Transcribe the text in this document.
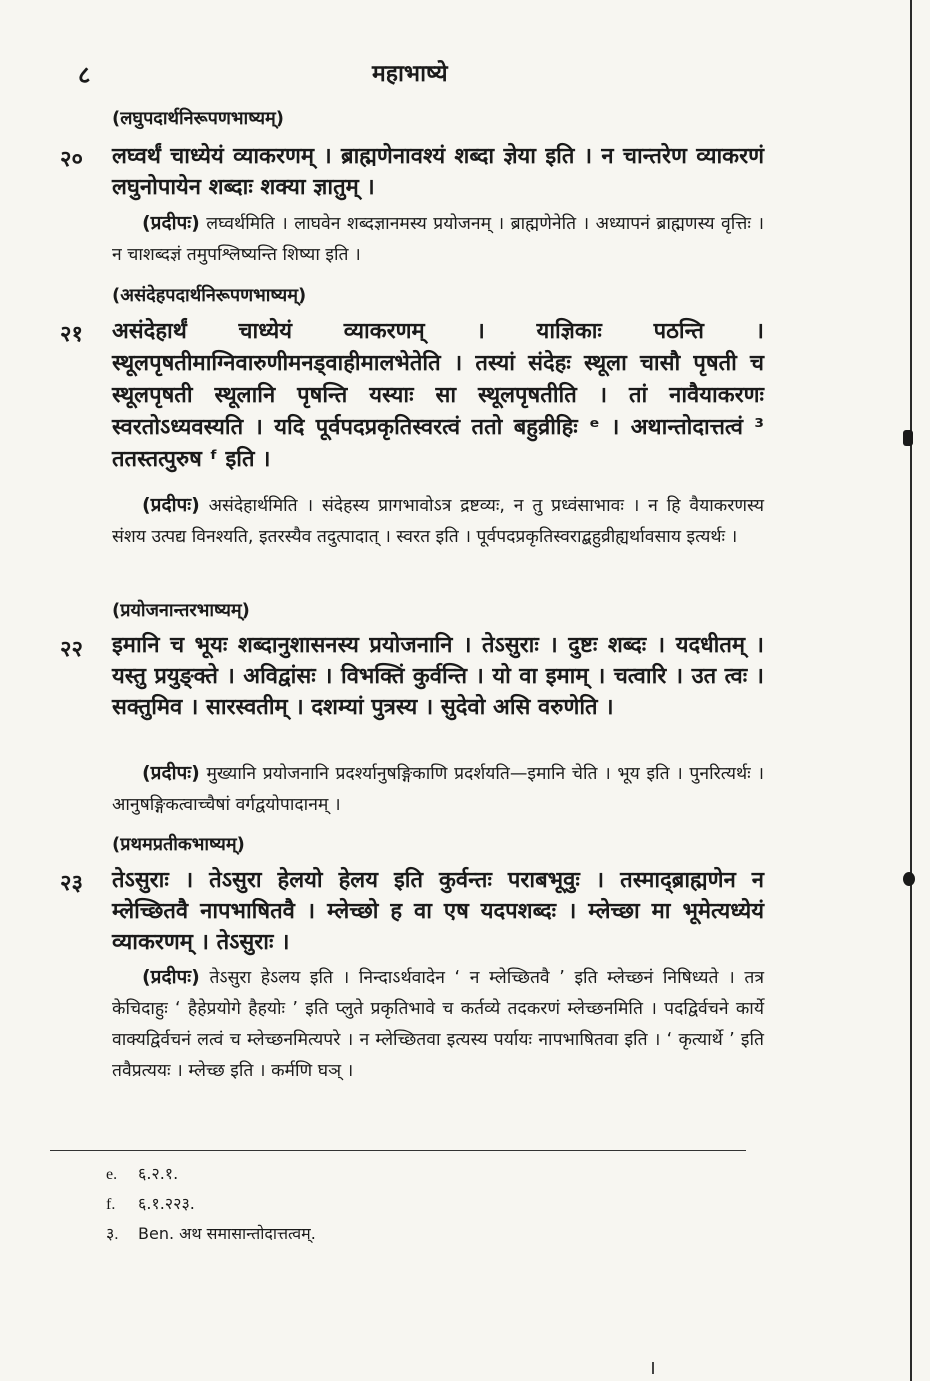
८	महाभाष्ये
(लघुपदार्थनिरूपणभाष्यम्)
२० लघ्वर्थं चाध्येयं व्याकरणम् । ब्राह्मणेनावश्यं शब्दा ज्ञेया इति । न चान्तरेण व्याकरणं लघुनोपायेन शब्दाः शक्या ज्ञातुम् ।
(प्रदीपः) लघ्वर्थमिति । लाघवेन शब्दज्ञानमस्य प्रयोजनम् । ब्राह्मणेनेति । अध्यापनं ब्राह्मणस्य वृत्तिः । न चाशब्दज्ञं तमुपश्लिष्यन्ति शिष्या इति ।
(असंदेहपदार्थनिरूपणभाष्यम्)
२१ असंदेहार्थं चाध्येयं व्याकरणम् । याज्ञिकाः पठन्ति । स्थूलपृषतीमाग्निवारुणीमनड्वाहीमालभेतेति । तस्यां संदेहः स्थूला चासौ पृषती च स्थूलपृषती स्थूलानि पृषन्ति यस्याः सा स्थूलपृषतीति । तां नावैयाकरणः स्वरतोऽध्यवस्यति । यदि पूर्वपदप्रकृतिस्वरत्वं ततो बहुव्रीहिः ᵉ । अथान्तोदात्तत्वं ³ ततस्तत्पुरुष ᶠ इति ।
(प्रदीपः) असंदेहार्थमिति । संदेहस्य प्रागभावोऽत्र द्रष्टव्यः, न तु प्रध्वंसाभावः । न हि वैयाकरणस्य संशय उत्पद्य विनश्यति, इतरस्यैव तदुत्पादात् । स्वरत इति । पूर्वपदप्रकृतिस्वराद्बहुव्रीह्यर्थावसाय इत्यर्थः ।
(प्रयोजनान्तरभाष्यम्)
२२ इमानि च भूयः शब्दानुशासनस्य प्रयोजनानि । तेऽसुराः । दुष्टः शब्दः । यदधीतम् । यस्तु प्रयुङ्क्ते । अविद्वांसः । विभक्तिं कुर्वन्ति । यो वा इमाम् । चत्वारि । उत त्वः । सक्तुमिव । सारस्वतीम् । दशम्यां पुत्रस्य । सुदेवो असि वरुणेति ।
(प्रदीपः) मुख्यानि प्रयोजनानि प्रदर्श्यानुषङ्गिकाणि प्रदर्शयति—इमानि चेति । भूय इति । पुनरित्यर्थः । आनुषङ्गिकत्वाच्चैषां वर्गद्वयोपादानम् ।
(प्रथमप्रतीकभाष्यम्)
२३ तेऽसुराः । तेऽसुरा हेलयो हेलय इति कुर्वन्तः पराबभूवुः । तस्माद्ब्राह्मणेन न म्लेच्छितवै नापभाषितवै । म्लेच्छो ह वा एष यदपशब्दः । म्लेच्छा मा भूमेत्यध्येयं व्याकरणम् । तेऽसुराः ।
(प्रदीपः) तेऽसुरा हेऽलय इति । निन्दाऽर्थवादेन ‘ न म्लेच्छितवै ’ इति म्लेच्छनं निषिध्यते । तत्र केचिदाहुः ‘ हैहेप्रयोगे हैहयोः ’ इति प्लुते प्रकृतिभावे च कर्तव्ये तदकरणं म्लेच्छनमिति । पदद्विर्वचने कार्ये वाक्यद्विर्वचनं लत्वं च म्लेच्छनमित्यपरे । न म्लेच्छितवा इत्यस्य पर्यायः नापभाषितवा इति । ‘ कृत्यार्थे ’ इति तवैप्रत्ययः । म्लेच्छ इति । कर्मणि घञ् ।
e. ६.२.१.
f. ६.१.२२३.
३. Ben. अथ समासान्तोदात्तत्वम्.
